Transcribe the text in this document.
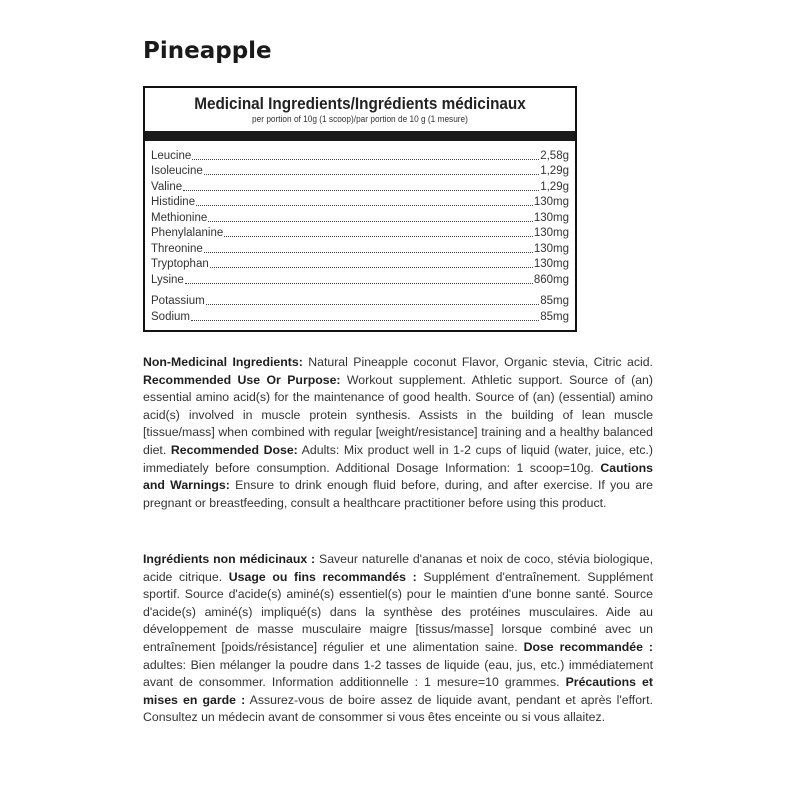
Pineapple
Medicinal Ingredients/Ingrédients médicinaux
per portion of 10g (1 scoop)/par portion de 10 g (1 mesure)
Leucine	2,58g
Isoleucine	1,29g
Valine	1,29g
Histidine	130mg
Methionine	130mg
Phenylalanine	130mg
Threonine	130mg
Tryptophan	130mg
Lysine	860mg
Potassium	85mg
Sodium	85mg
Non-Medicinal Ingredients: Natural Pineapple coconut Flavor, Organic stevia, Citric acid. Recommended Use Or Purpose: Workout supplement. Athletic support. Source of (an) essential amino acid(s) for the maintenance of good health. Source of (an) (essential) amino acid(s) involved in muscle protein synthesis. Assists in the building of lean muscle [tissue/mass] when combined with regular [weight/resistance] training and a healthy balanced diet. Recommended Dose: Adults: Mix product well in 1-2 cups of liquid (water, juice, etc.) immediately before consumption. Additional Dosage Information: 1 scoop=10g. Cautions and Warnings: Ensure to drink enough fluid before, during, and after exercise. If you are pregnant or breastfeeding, consult a healthcare practitioner before using this product.
Ingrédients non médicinaux : Saveur naturelle d'ananas et noix de coco, stévia biologique, acide citrique. Usage ou fins recommandés : Supplément d'entraînement. Supplément sportif. Source d'acide(s) aminé(s) essentiel(s) pour le maintien d'une bonne santé. Source d'acide(s) aminé(s) impliqué(s) dans la synthèse des protéines musculaires. Aide au développement de masse musculaire maigre [tissus/masse] lorsque combiné avec un entraînement [poids/résistance] régulier et une alimentation saine. Dose recommandée : adultes: Bien mélanger la poudre dans 1-2 tasses de liquide (eau, jus, etc.) immédiatement avant de consommer. Information additionnelle : 1 mesure=10 grammes. Précautions et mises en garde : Assurez-vous de boire assez de liquide avant, pendant et après l'effort. Consultez un médecin avant de consommer si vous êtes enceinte ou si vous allaitez.
